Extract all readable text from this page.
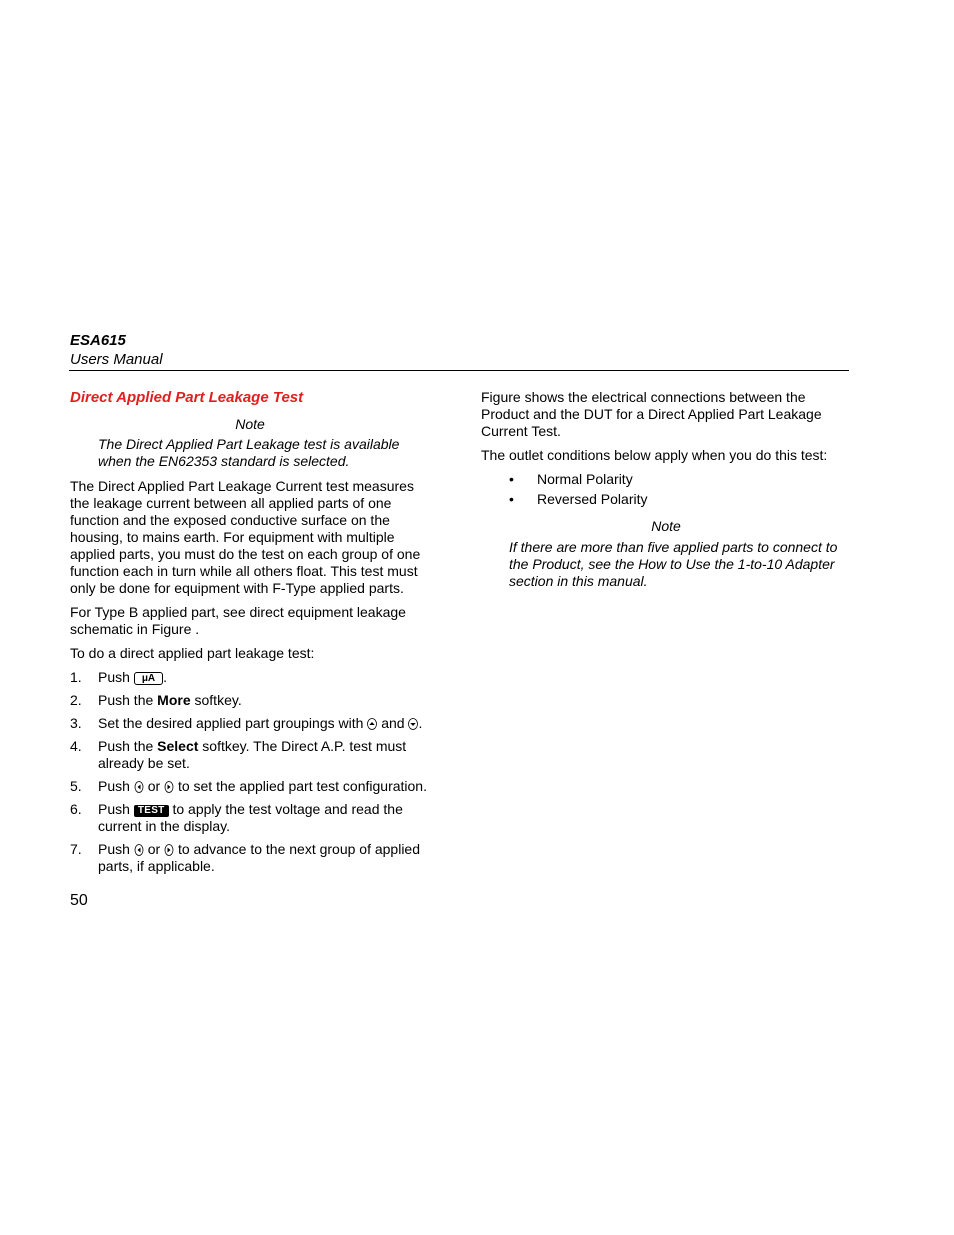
ESA615
Users Manual
Direct Applied Part Leakage Test
Note
The Direct Applied Part Leakage test is available when the EN62353 standard is selected.

The Direct Applied Part Leakage Current test measures the leakage current between all applied parts of one function and the exposed conductive surface on the housing, to mains earth. For equipment with multiple applied parts, you must do the test on each group of one function each in turn while all others float. This test must only be done for equipment with F-Type applied parts.

For Type B applied part, see direct equipment leakage schematic in Figure .

To do a direct applied part leakage test:

1. Push μA .
2. Push the More softkey.
3. Set the desired applied part groupings with and .
4. Push the Select softkey. The Direct A.P. test must already be set.
5. Push or to set the applied part test configuration.
6. Push TEST to apply the test voltage and read the current in the display.
7. Push or to advance to the next group of applied parts, if applicable.

Figure shows the electrical connections between the Product and the DUT for a Direct Applied Part Leakage Current Test.

The outlet conditions below apply when you do this test:

• Normal Polarity
• Reversed Polarity
Note
If there are more than five applied parts to connect to the Product, see the How to Use the 1-to-10 Adapter section in this manual.
50
